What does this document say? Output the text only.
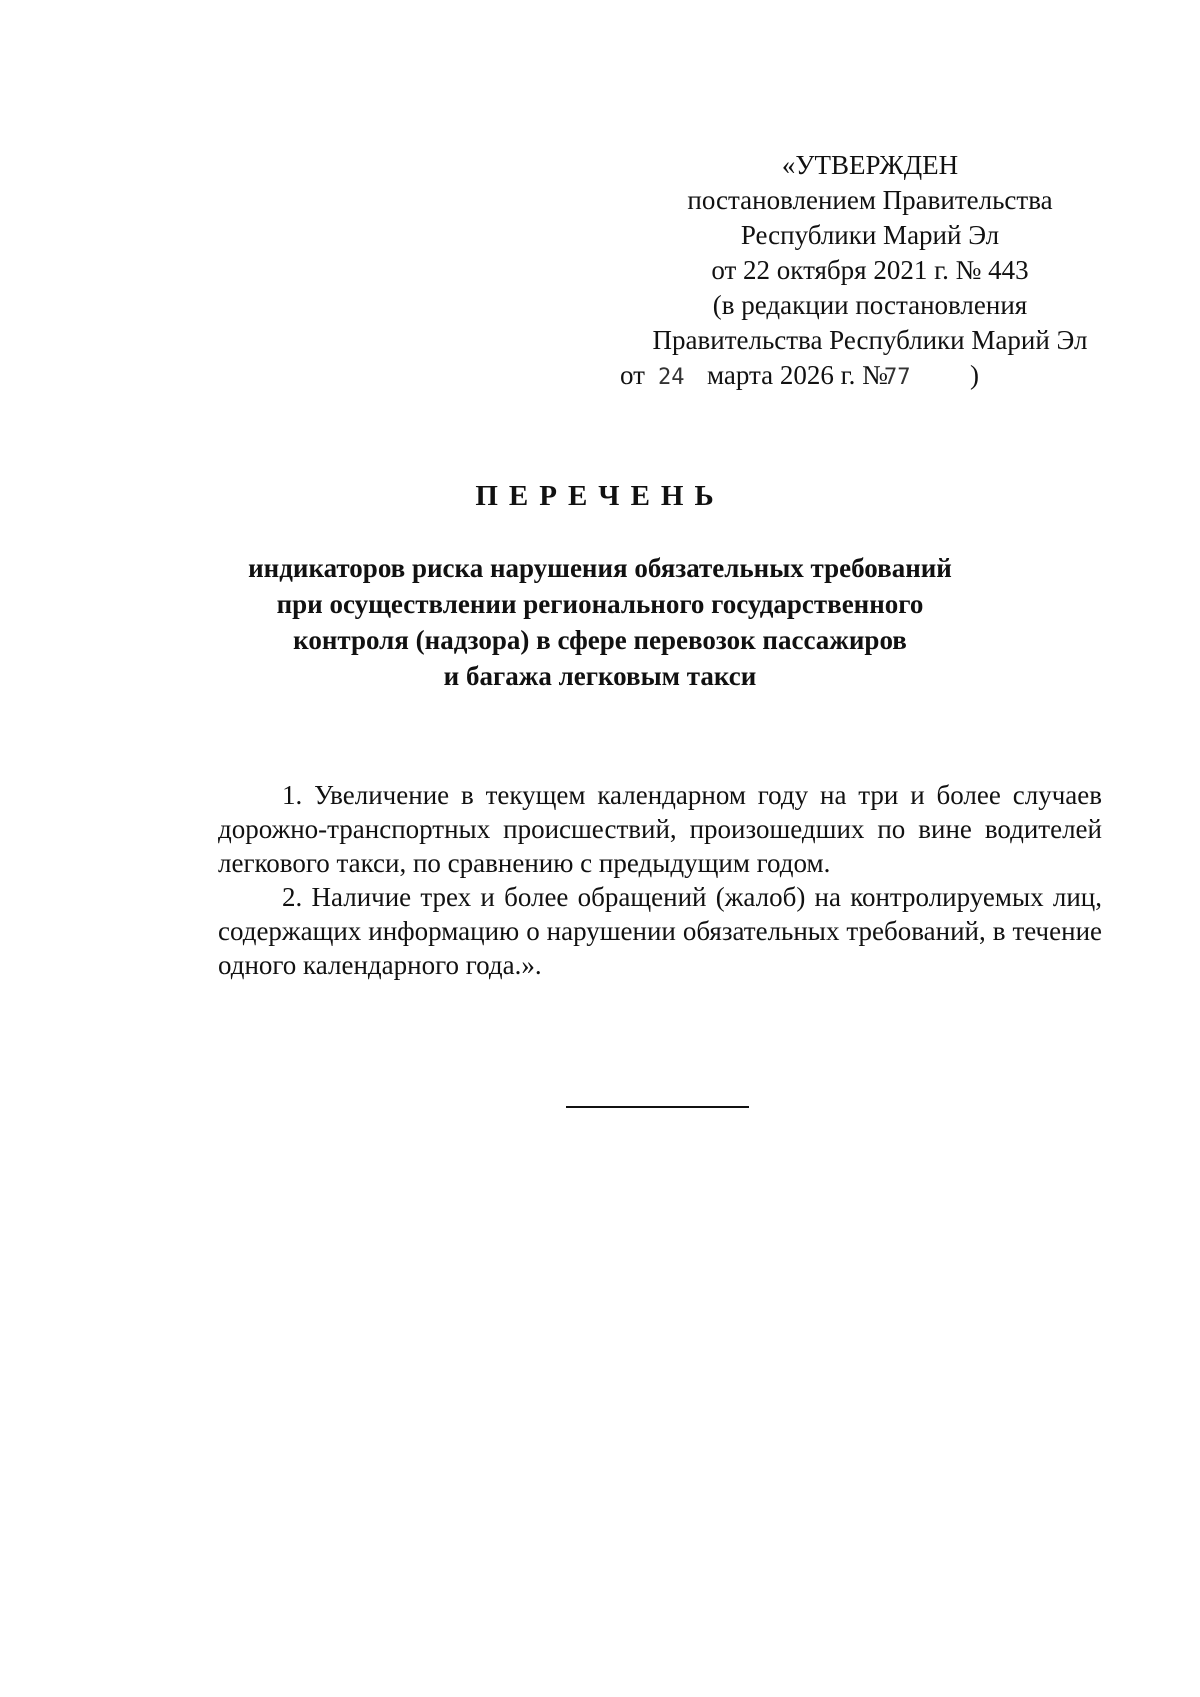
«УТВЕРЖДЕН
постановлением Правительства
Республики Марий Эл
от 22 октября 2021 г. № 443
(в редакции постановления
Правительства Республики Марий Эл
от 24 марта 2026 г. №
77 )
ПЕРЕЧЕНЬ
индикаторов риска нарушения обязательных требований
при осуществлении регионального государственного
контроля (надзора) в сфере перевозок пассажиров
и багажа легковым такси

1. Увеличение в текущем календарном году на три и более случаев дорожно-транспортных происшествий, произошедших по вине водителей легкового такси, по сравнению с предыдущим годом.

2. Наличие трех и более обращений (жалоб) на контролируемых лиц, содержащих информацию о нарушении обязательных требований, в течение одного календарного года.».
